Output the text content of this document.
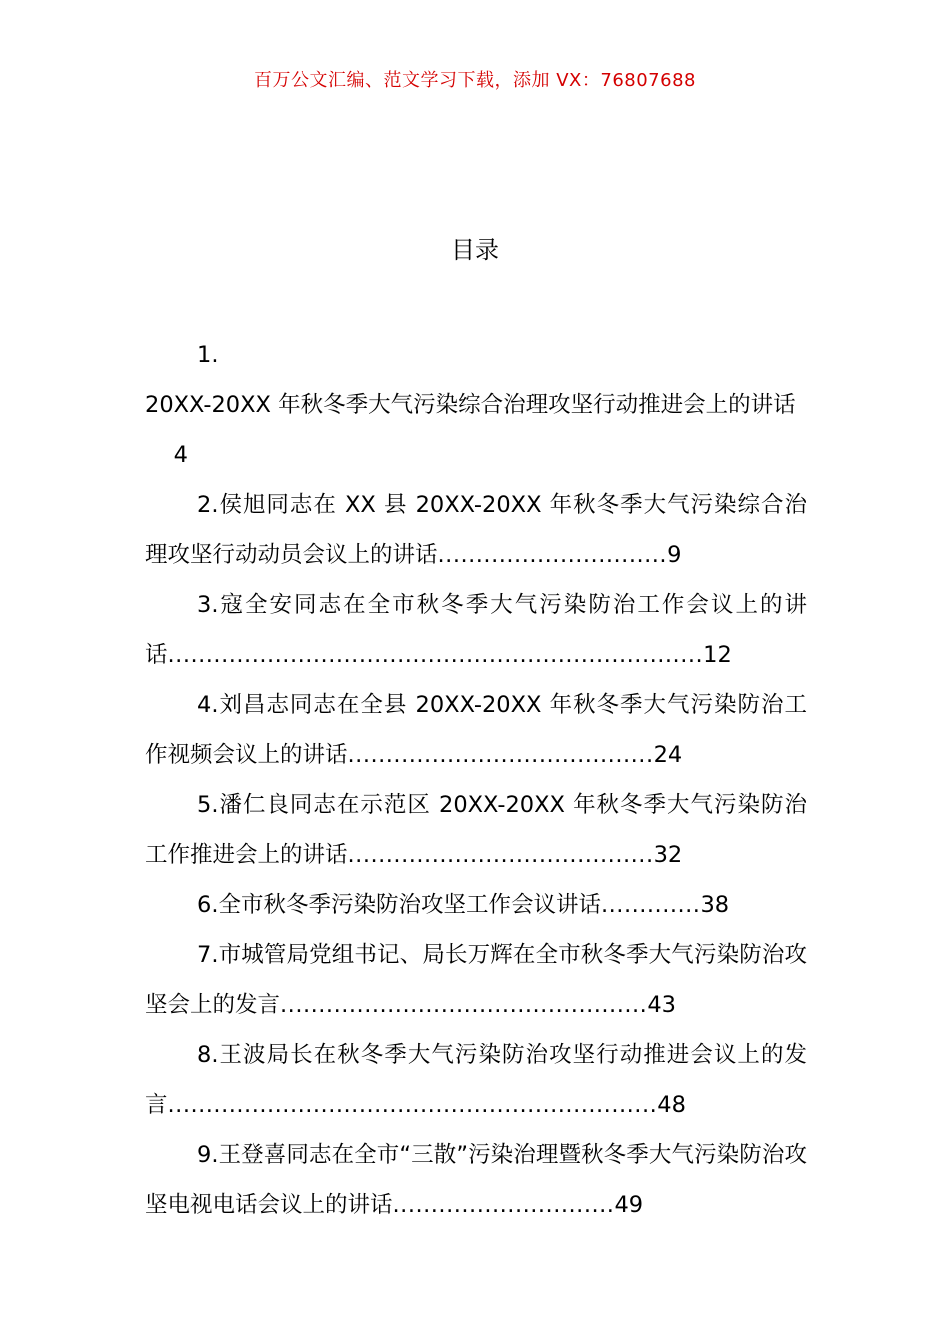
百万公文汇编、范文学习下载，添加 VX：76807688
目录
1.
20XX-20XX 年秋冬季大气污染综合治理攻坚行动推进会上的讲话    4
2.侯旭同志在 XX 县 20XX-20XX 年秋冬季大气污染综合治理攻坚行动动员会议上的讲话..............................9
3.寇全安同志在全市秋冬季大气污染防治工作会议上的讲话......................................................................12
4.刘昌志同志在全县 20XX-20XX 年秋冬季大气污染防治工作视频会议上的讲话........................................24
5.潘仁良同志在示范区 20XX-20XX 年秋冬季大气污染防治工作推进会上的讲话........................................32
6.全市秋冬季污染防治攻坚工作会议讲话.............38
7.市城管局党组书记、局长万辉在全市秋冬季大气污染防治攻坚会上的发言................................................43
8.王波局长在秋冬季大气污染防治攻坚行动推进会议上的发言................................................................48
9.王登喜同志在全市“三散”污染治理暨秋冬季大气污染防治攻坚电视电话会议上的讲话.............................49
